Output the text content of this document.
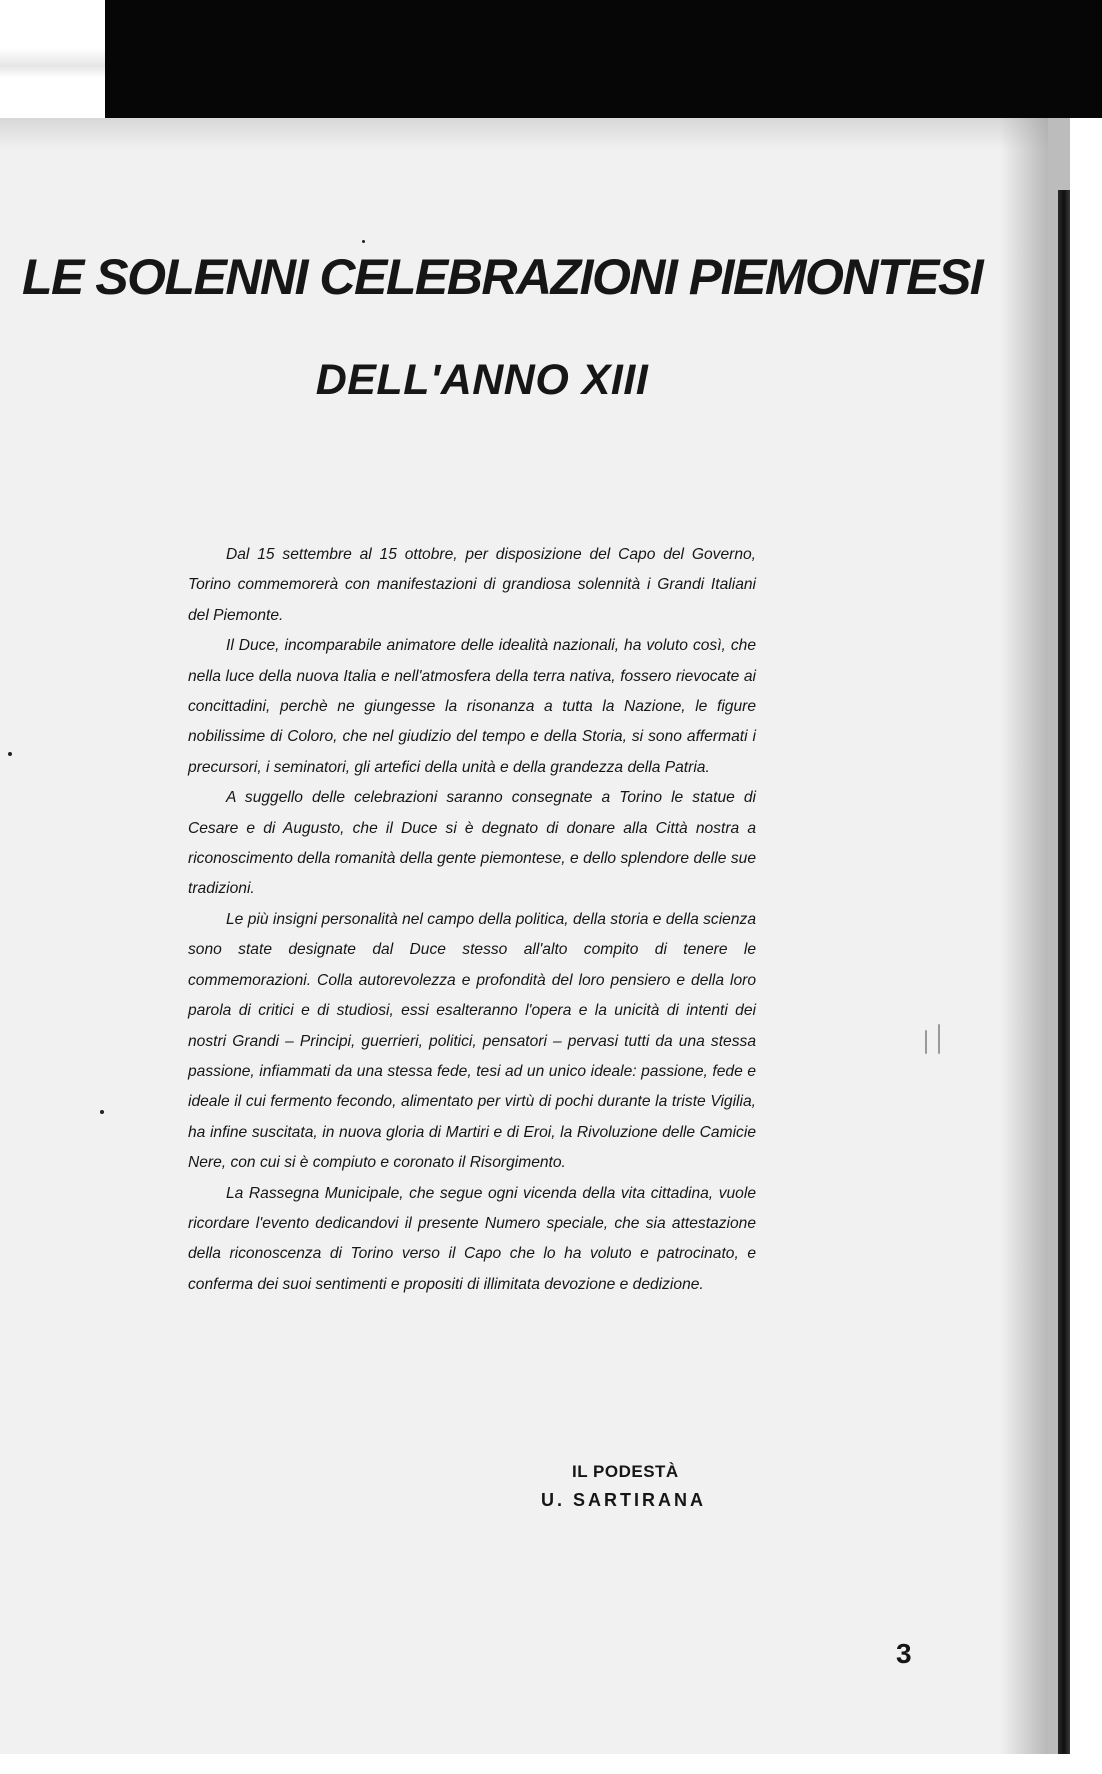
LE SOLENNI CELEBRAZIONI PIEMONTESI
DELL'ANNO XIII

Dal 15 settembre al 15 ottobre, per disposizione del Capo del Governo, Torino commemorerà con manifestazioni di grandiosa solennità i Grandi Italiani del Piemonte.

Il Duce, incomparabile animatore delle idealità nazionali, ha voluto così, che nella luce della nuova Italia e nell'atmosfera della terra nativa, fossero rievocate ai concittadini, perchè ne giungesse la risonanza a tutta la Nazione, le figure nobilissime di Coloro, che nel giudizio del tempo e della Storia, si sono affermati i precursori, i seminatori, gli artefici della unità e della grandezza della Patria.

A suggello delle celebrazioni saranno consegnate a Torino le statue di Cesare e di Augusto, che il Duce si è degnato di donare alla Città nostra a riconoscimento della romanità della gente piemontese, e dello splendore delle sue tradizioni.

Le più insigni personalità nel campo della politica, della storia e della scienza sono state designate dal Duce stesso all'alto compito di tenere le commemorazioni. Colla autorevolezza e profondità del loro pensiero e della loro parola di critici e di studiosi, essi esalteranno l'opera e la unicità di intenti dei nostri Grandi – Principi, guerrieri, politici, pensatori – pervasi tutti da una stessa passione, infiammati da una stessa fede, tesi ad un unico ideale: passione, fede e ideale il cui fermento fecondo, alimentato per virtù di pochi durante la triste Vigilia, ha infine suscitata, in nuova gloria di Martiri e di Eroi, la Rivoluzione delle Camicie Nere, con cui si è compiuto e coronato il Risorgimento.

La Rassegna Municipale, che segue ogni vicenda della vita cittadina, vuole ricordare l'evento dedicandovi il presente Numero speciale, che sia attestazione della riconoscenza di Torino verso il Capo che lo ha voluto e patrocinato, e conferma dei suoi sentimenti e propositi di illimitata devozione e dedizione.

IL PODESTÀ

U. SARTIRANA

3
